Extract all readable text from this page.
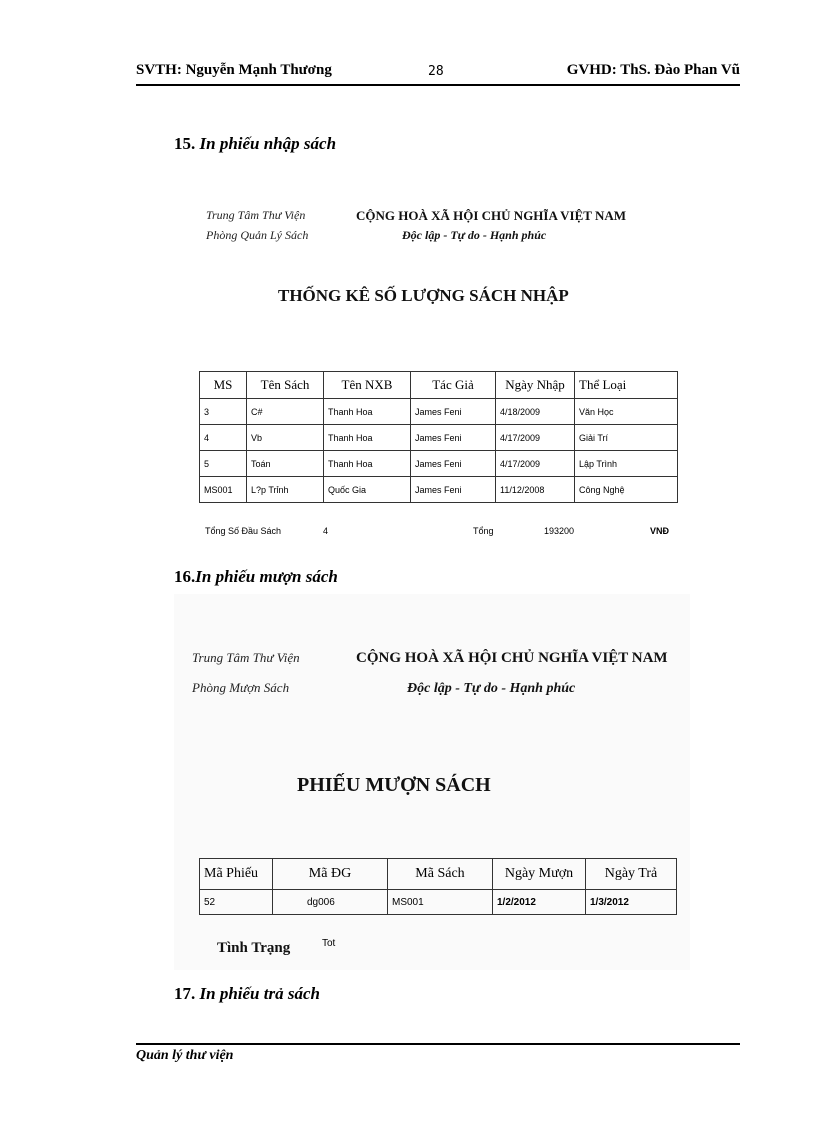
SVTH: Nguyễn Mạnh Thương	28	GVHD: ThS. Đào Phan Vũ
15. In phiếu nhập sách
Trung Tâm Thư Viện
Phòng Quản Lý Sách
CỘNG HOÀ XÃ HỘI CHỦ NGHĨA VIỆT NAM
Độc lập - Tự do - Hạnh phúc
THỐNG KÊ SỐ LƯỢNG SÁCH NHẬP
MS	Tên Sách	Tên NXB	Tác Giả	Ngày Nhập	Thể Loại
3	C#	Thanh Hoa	James Feni	4/18/2009	Văn Học
4	Vb	Thanh Hoa	James Feni	4/17/2009	Giải Trí
5	Toán	Thanh Hoa	James Feni	4/17/2009	Lập Trình
MS001	L?p Trỉnh	Quốc Gia	James Feni	11/12/2008	Công Nghệ
Tổng Số Đầu Sách	4	Tổng	193200	VNĐ
16.In phiếu mượn sách
Trung Tâm Thư Viện
Phòng Mượn Sách
CỘNG HOÀ XÃ HỘI CHỦ NGHĨA VIỆT NAM
Độc lập - Tự do - Hạnh phúc
PHIẾU MƯỢN SÁCH
Mã Phiếu	Mã ĐG	Mã Sách	Ngày Mượn	Ngày Trả
52	dg006	MS001	1/2/2012	1/3/2012
Tình Trạng	Tot
17. In phiếu trả sách
Quản lý thư viện
